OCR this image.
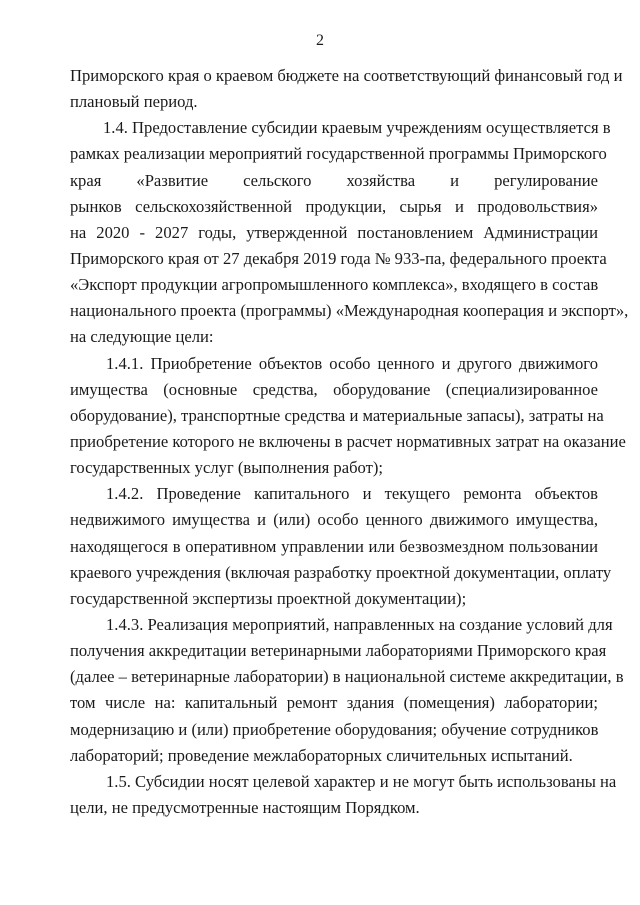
2
Приморского края о краевом бюджете на соответствующий финансовый год и
плановый период.
1.4. Предоставление субсидии краевым учреждениям осуществляется в
рамках реализации мероприятий государственной программы Приморского
края «Развитие сельского хозяйства и регулирование
рынков сельскохозяйственной продукции, сырья и продовольствия»
на 2020 - 2027 годы, утвержденной постановлением Администрации
Приморского края от 27 декабря 2019 года № 933-па, федерального проекта
«Экспорт продукции агропромышленного комплекса», входящего в состав
национального проекта (программы) «Международная кооперация и экспорт»,
на следующие цели:
1.4.1. Приобретение объектов особо ценного и другого движимого
имущества (основные средства, оборудование (специализированное
оборудование), транспортные средства и материальные запасы), затраты на
приобретение которого не включены в расчет нормативных затрат на оказание
государственных услуг (выполнения работ);
1.4.2. Проведение капитального и текущего ремонта объектов
недвижимого имущества и (или) особо ценного движимого имущества,
находящегося в оперативном управлении или безвозмездном пользовании
краевого учреждения (включая разработку проектной документации, оплату
государственной экспертизы проектной документации);
1.4.3. Реализация мероприятий, направленных на создание условий для
получения аккредитации ветеринарными лабораториями Приморского края
(далее – ветеринарные лаборатории) в национальной системе аккредитации, в
том числе на: капитальный ремонт здания (помещения) лаборатории;
модернизацию и (или) приобретение оборудования; обучение сотрудников
лабораторий; проведение межлабораторных сличительных испытаний.
1.5. Субсидии носят целевой характер и не могут быть использованы на
цели, не предусмотренные настоящим Порядком.
